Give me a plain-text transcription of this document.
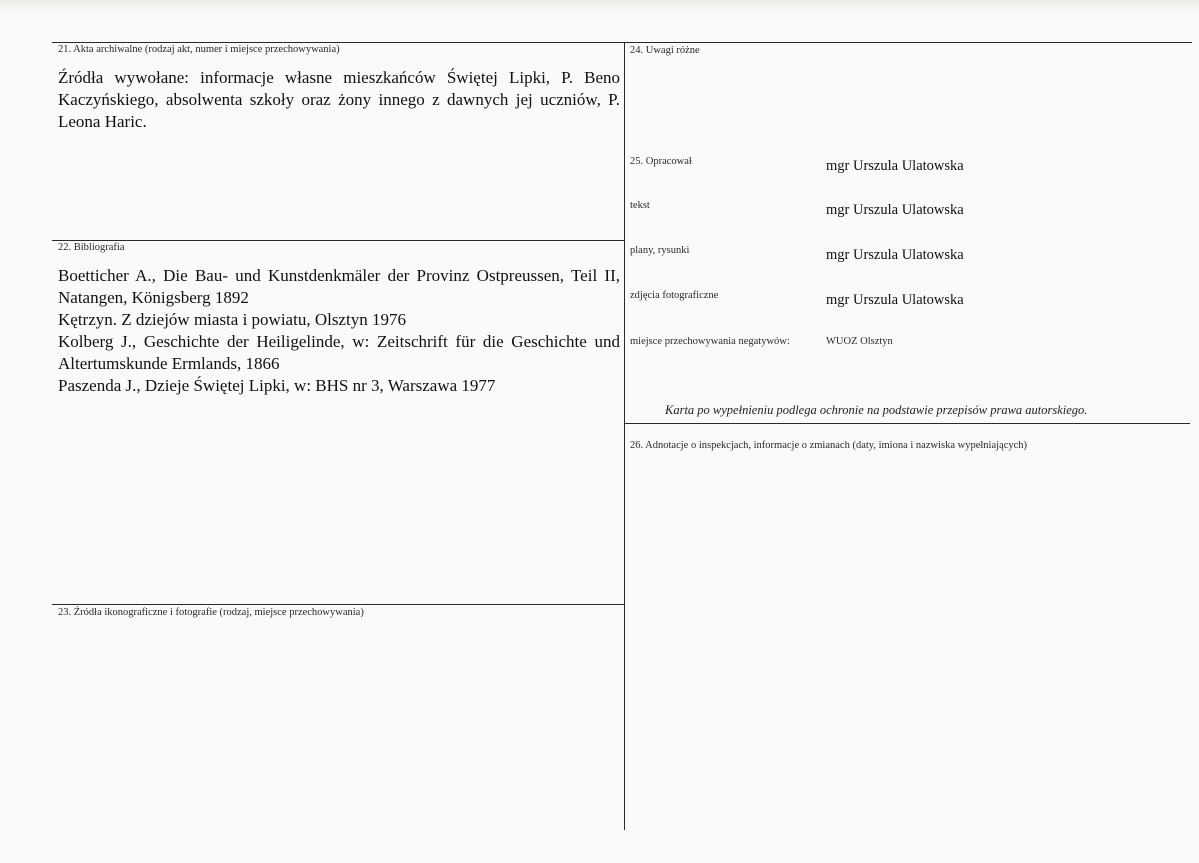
21. Akta archiwalne (rodzaj akt, numer i miejsce przechowywania)

Źródła wywołane: informacje własne mieszkańców Świętej Lipki, P. Beno Kaczyńskiego, absolwenta szkoły oraz żony innego z dawnych jej uczniów, P. Leona Haric.

22. Bibliografia

Boetticher A., Die Bau- und Kunstdenkmäler der Provinz Ostpreussen, Teil II, Natangen, Königsberg 1892

Kętrzyn. Z dziejów miasta i powiatu, Olsztyn 1976

Kolberg J., Geschichte der Heiligelinde, w: Zeitschrift für die Geschichte und Altertumskunde Ermlands, 1866

Paszenda J., Dzieje Świętej Lipki, w: BHS nr 3, Warszawa 1977

23. Źródła ikonograficzne i fotografie (rodzaj, miejsce przechowywania)
24. Uwagi różne
25. Opracował	mgr Urszula Ulatowska
tekst	mgr Urszula Ulatowska
plany, rysunki	mgr Urszula Ulatowska
zdjęcia fotograficzne	mgr Urszula Ulatowska
miejsce przechowywania negatywów:	WUOZ Olsztyn
Karta po wypełnieniu podlega ochronie na podstawie przepisów prawa autorskiego.
26. Adnotacje o inspekcjach, informacje o zmianach (daty, imiona i nazwiska wypełniających)
